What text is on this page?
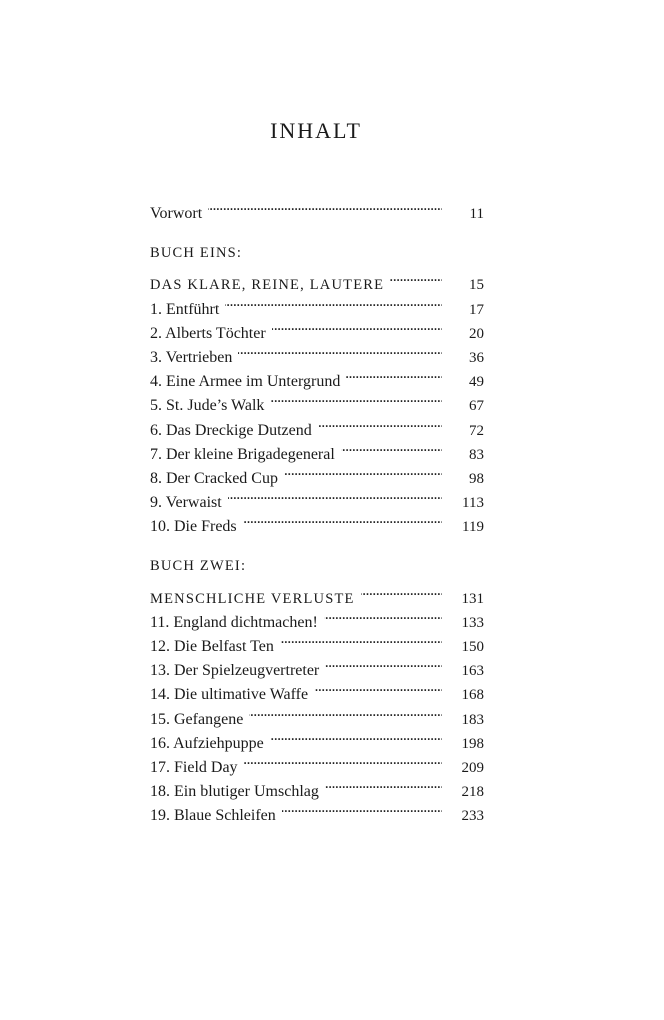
INHALT
Vorwort . . .	11
BUCH EINS:
DAS KLARE, REINE, LAUTERE . . .	15
1. Entführt . . .	17
2. Alberts Töchter . . .	20
3. Vertrieben . . .	36
4. Eine Armee im Untergrund . . .	49
5. St. Jude’s Walk . . .	67
6. Das Dreckige Dutzend . . .	72
7. Der kleine Brigadegeneral . . .	83
8. Der Cracked Cup . . .	98
9. Verwaist . . .	113
10. Die Freds . . .	119
BUCH ZWEI:
MENSCHLICHE VERLUSTE . . .	131
11. England dichtmachen! . . .	133
12. Die Belfast Ten . . .	150
13. Der Spielzeugvertreter . . .	163
14. Die ultimative Waffe . . .	168
15. Gefangene . . .	183
16. Aufziehpuppe . . .	198
17. Field Day . . .	209
18. Ein blutiger Umschlag . . .	218
19. Blaue Schleifen . . .	233
